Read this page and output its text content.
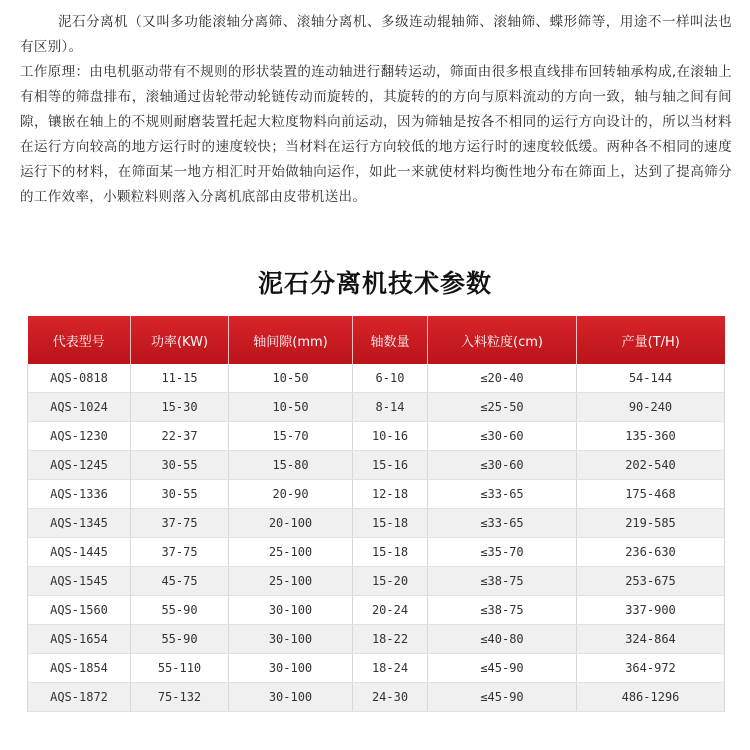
泥石分离机（又叫多功能滚轴分离筛、滚轴分离机、多级连动辊轴筛、滚轴筛、蝶形筛等，用途不一样叫法也有区别）。

工作原理：由电机驱动带有不规则的形状装置的连动轴进行翻转运动，筛面由很多根直线排布回转轴承构成,在滚轴上有相等的筛盘排布，滚轴通过齿轮带动轮链传动而旋转的，其旋转的的方向与原料流动的方向一致，轴与轴之间有间隙，镶嵌在轴上的不规则耐磨装置托起大粒度物料向前运动，因为筛轴是按各不相同的运行方向设计的，所以当材料在运行方向较高的地方运行时的速度较快；当材料在运行方向较低的地方运行时的速度较低缓。两种各不相同的速度运行下的材料，在筛面某一地方相汇时开始做轴向运作，如此一来就使材料均衡性地分布在筛面上，达到了提高筛分的工作效率，小颗粒料则落入分离机底部由皮带机送出。

泥石分离机技术参数
代表型号	功率(KW)	轴间隙(mm)	轴数量	入料粒度(cm)	产量(T/H)
AQS-0818	11-15	10-50	6-10	≤20-40	54-144
AQS-1024	15-30	10-50	8-14	≤25-50	90-240
AQS-1230	22-37	15-70	10-16	≤30-60	135-360
AQS-1245	30-55	15-80	15-16	≤30-60	202-540
AQS-1336	30-55	20-90	12-18	≤33-65	175-468
AQS-1345	37-75	20-100	15-18	≤33-65	219-585
AQS-1445	37-75	25-100	15-18	≤35-70	236-630
AQS-1545	45-75	25-100	15-20	≤38-75	253-675
AQS-1560	55-90	30-100	20-24	≤38-75	337-900
AQS-1654	55-90	30-100	18-22	≤40-80	324-864
AQS-1854	55-110	30-100	18-24	≤45-90	364-972
AQS-1872	75-132	30-100	24-30	≤45-90	486-1296
